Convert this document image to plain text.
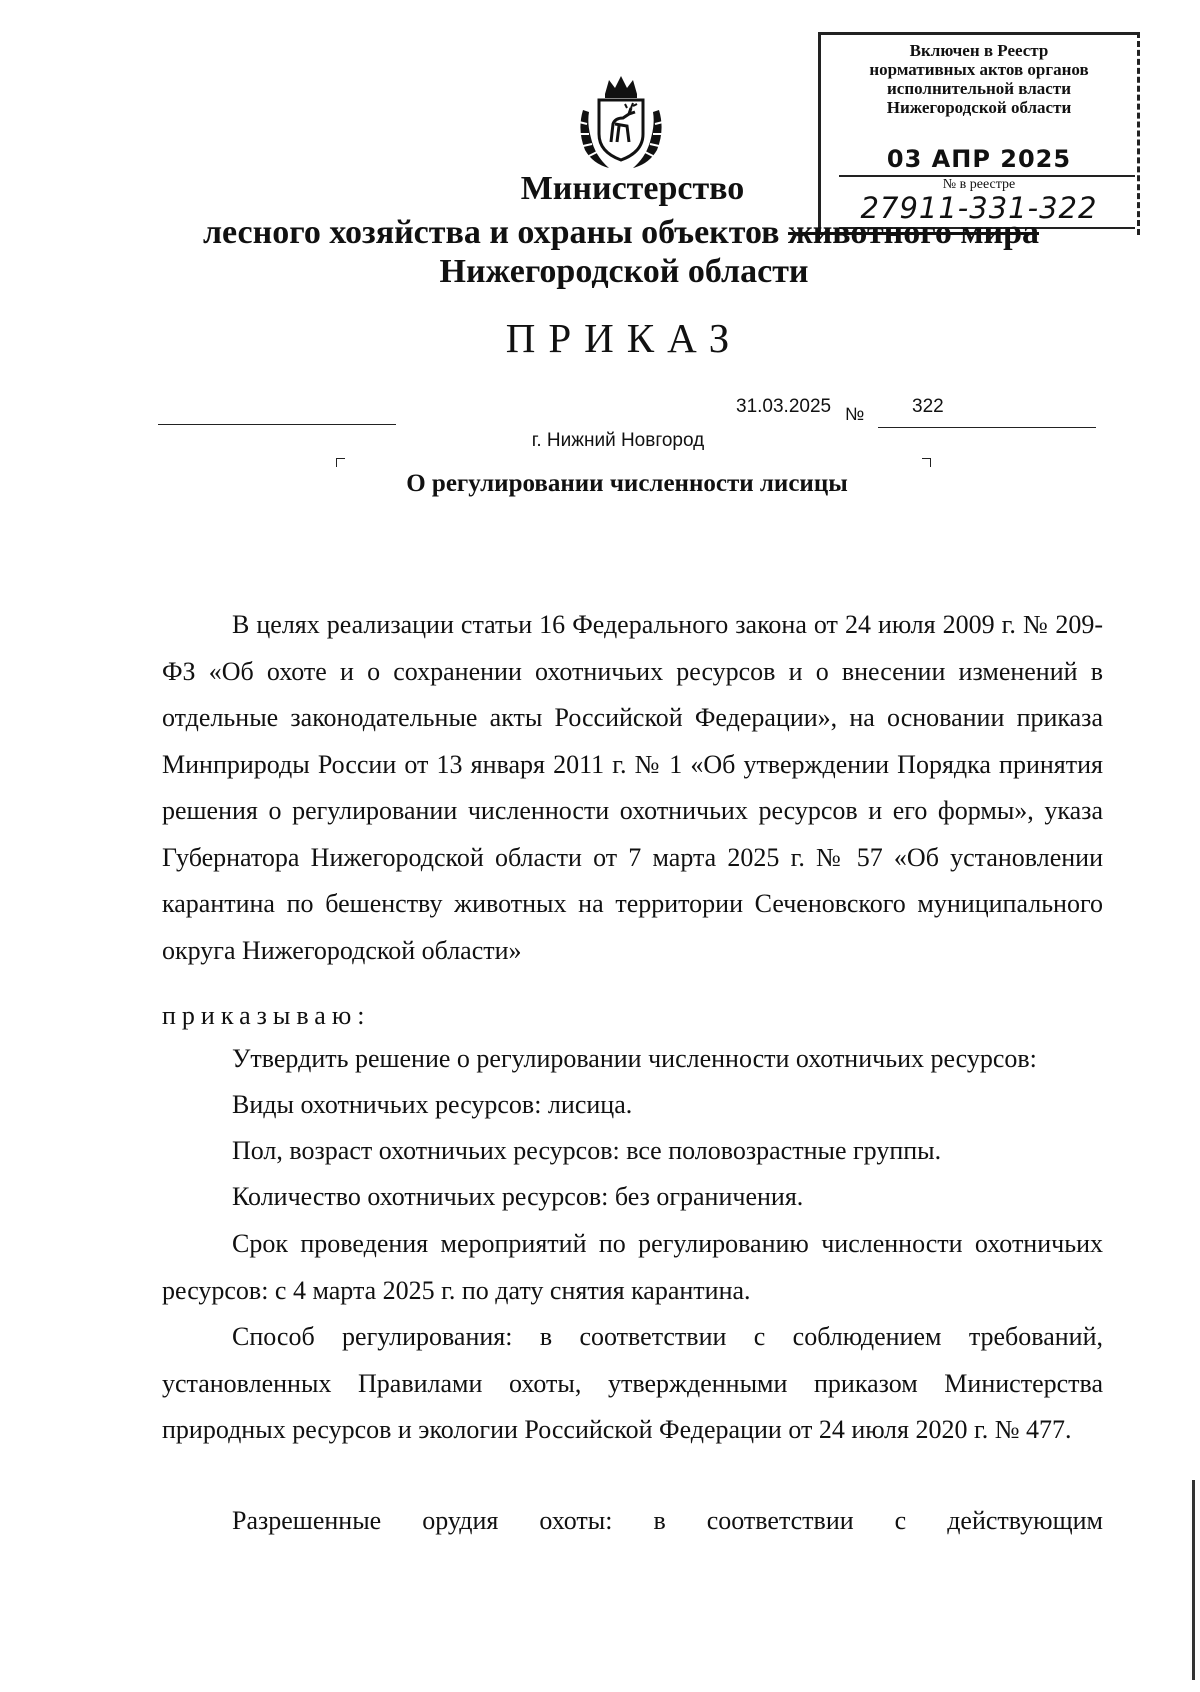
Включен в Реестр
нормативных актов органов
исполнительной власти
Нижегородской области
03 АПР 2025
№ в реестре
27911-331-322
Министерство
лесного хозяйства и охраны объектов животного мира
Нижегородской области
ПРИКАЗ
31.03.2025 №	322
г. Нижний Новгород
О регулировании численности лисицы
В целях реализации статьи 16 Федерального закона от 24 июля 2009 г. № 209-ФЗ «Об охоте и о сохранении охотничьих ресурсов и о внесении изменений в отдельные законодательные акты Российской Федерации», на основании приказа Минприроды России от 13 января 2011 г. № 1 «Об утверждении Порядка принятия решения о регулировании численности охотничьих ресурсов и его формы», указа Губернатора Нижегородской области от 7 марта 2025 г. № 57 «Об установлении карантина по бешенству животных на территории Сеченовского муниципального округа Нижегородской области»
приказываю:
Утвердить решение о регулировании численности охотничьих ресурсов:
Виды охотничьих ресурсов: лисица.
Пол, возраст охотничьих ресурсов: все половозрастные группы.
Количество охотничьих ресурсов: без ограничения.
Срок проведения мероприятий по регулированию численности охотничьих ресурсов: с 4 марта 2025 г. по дату снятия карантина.
Способ регулирования: в соответствии с соблюдением требований, установленных Правилами охоты, утвержденными приказом Министерства природных ресурсов и экологии Российской Федерации от 24 июля 2020 г. № 477.
Разрешенные орудия охоты: в соответствии с действующим
